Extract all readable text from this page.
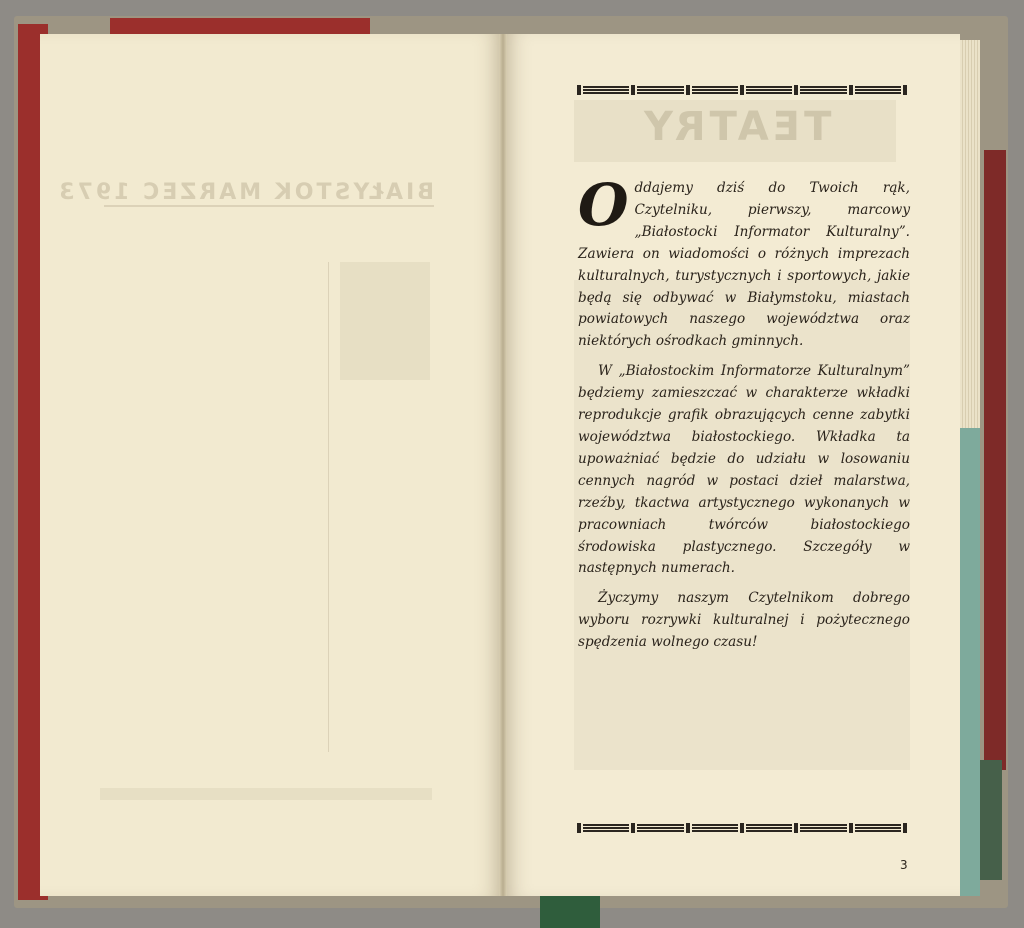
BIAŁYSTOK MARZEC 1973
TEATRY

Oddajemy dziś do Twoich rąk, Czytelniku, pierwszy, marcowy „Białostocki Informator Kulturalny”. Zawiera on wiadomości o różnych imprezach kulturalnych, turystycznych i sportowych, jakie będą się odbywać w Białymstoku, miastach powiatowych naszego województwa oraz niektórych ośrodkach gminnych.

W „Białostockim Informatorze Kulturalnym” będziemy zamieszczać w charakterze wkładki reprodukcje grafik obrazujących cenne zabytki województwa białostockiego. Wkładka ta upoważniać będzie do udziału w losowaniu cennych nagród w postaci dzieł malarstwa, rzeźby, tkactwa artystycznego wykonanych w pracowniach twórców białostockiego środowiska plastycznego. Szczegóły w następnych numerach.

Życzymy naszym Czytelnikom dobrego wyboru rozrywki kulturalnej i pożytecznego spędzenia wolnego czasu!

3
